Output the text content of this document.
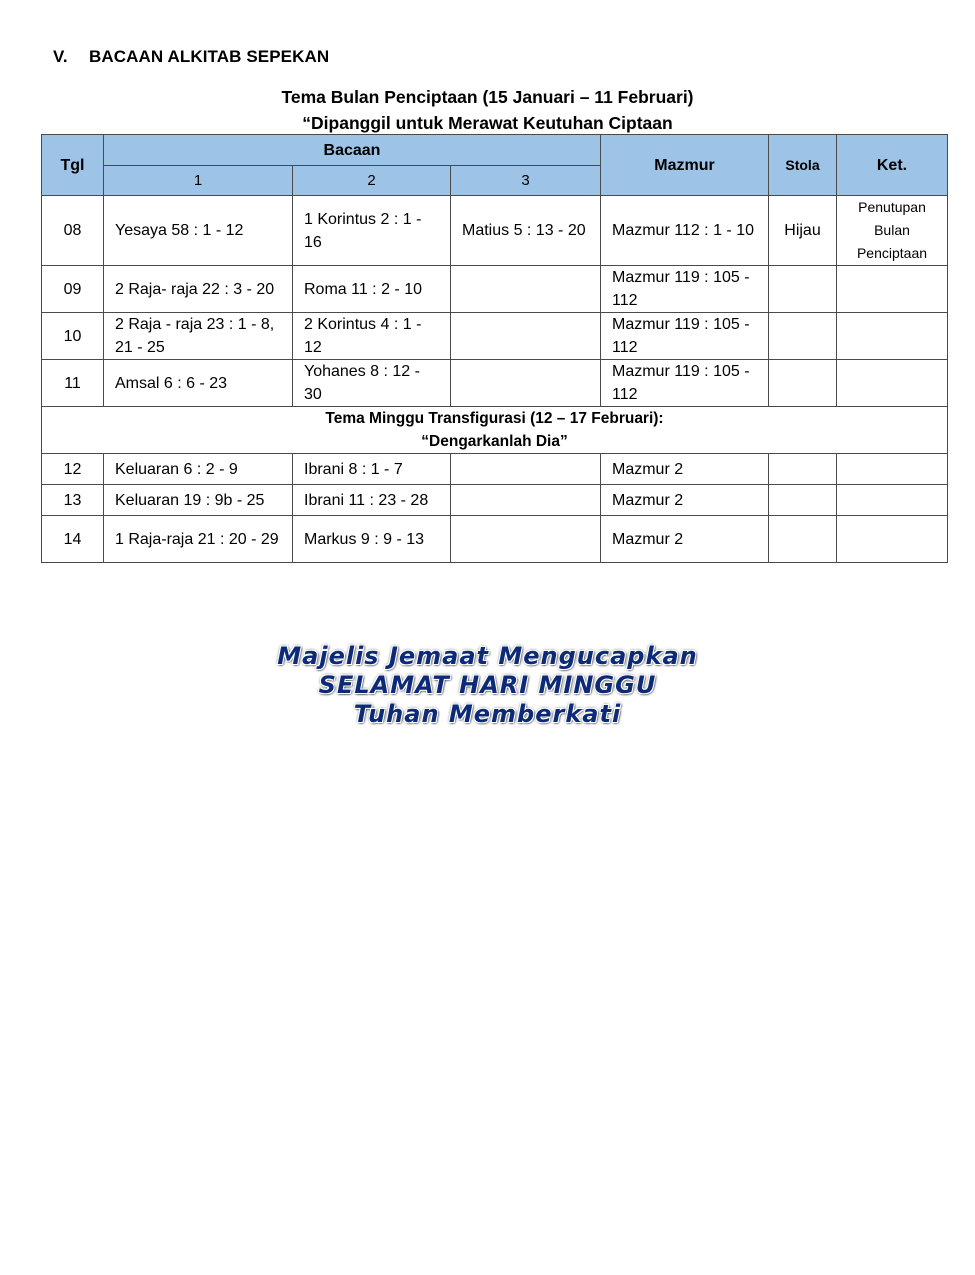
V. BACAAN ALKITAB SEPEKAN
Tema Bulan Penciptaan (15 Januari – 11 Februari)
“Dipanggil untuk Merawat Keutuhan Ciptaan
Tgl	Bacaan			Mazmur	Stola	Ket.
	1	2	3			
08	Yesaya 58 : 1 - 12	1 Korintus 2 : 1 - 16	Matius 5 : 13 - 20	Mazmur 112 : 1 - 10	Hijau	Penutupan Bulan Penciptaan
09	2 Raja- raja 22 : 3 - 20	Roma 11 : 2 - 10		Mazmur 119 : 105 - 112		
10	2 Raja - raja 23 : 1 - 8, 21 - 25	2 Korintus 4 : 1 - 12		Mazmur 119 : 105 - 112		
11	Amsal 6 : 6 - 23	Yohanes 8 : 12 - 30		Mazmur 119 : 105 - 112		

Tema Minggu Transfigurasi (12 – 17 Februari):
“Dengarkanlah Dia”						

12	Keluaran 6 : 2 - 9	Ibrani 8 : 1 - 7		Mazmur 2		
13	Keluaran 19 : 9b - 25	Ibrani 11 : 23 - 28		Mazmur 2		
14	1 Raja-raja 21 : 20 - 29	Markus 9 : 9 - 13		Mazmur 2		
Majelis Jemaat Mengucapkan
SELAMAT HARI MINGGU
Tuhan Memberkati
